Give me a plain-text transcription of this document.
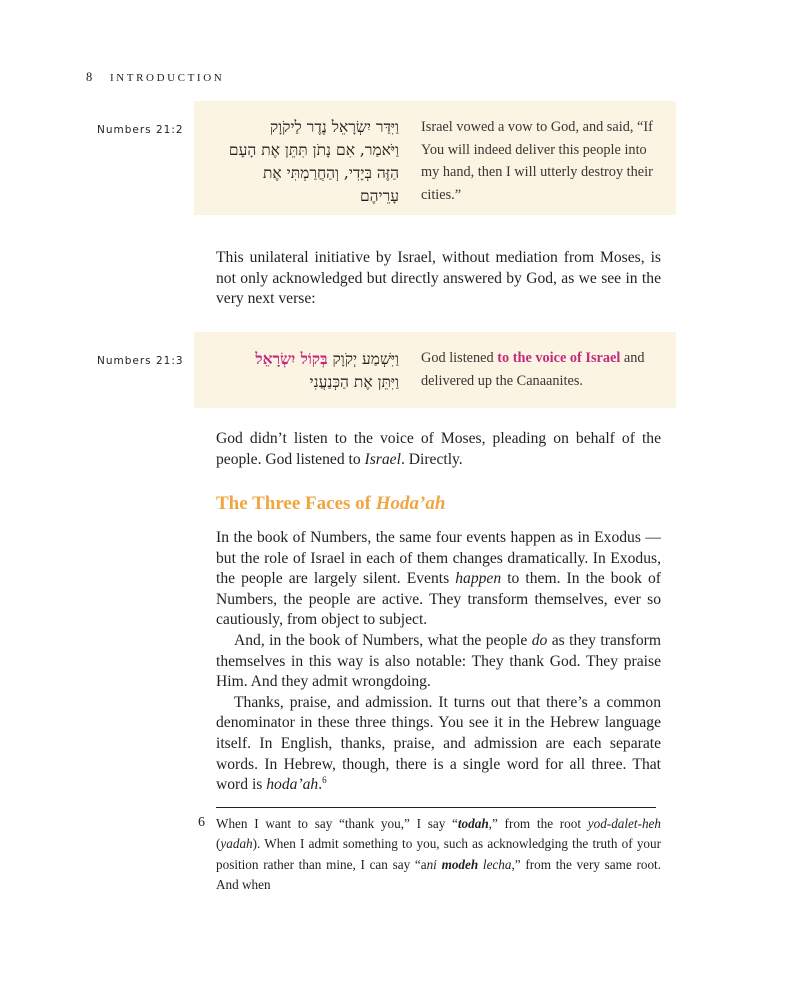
8 INTRODUCTION
Numbers 21:2	וַיִּדַּר יִשְׂרָאֵל נֶדֶר לַיקֹוָק
וַיֹּאמַר, אִם נָתֹן תִּתֵּן אֶת הָעָם
הַזֶּה בְּיָדִי, וְהַחֲרַמְתִּי אֶת
עָרֵיהֶם
Israel vowed a vow to God, and said, “If You will indeed deliver this people into my hand, then I will utterly destroy their cities.”

This unilateral initiative by Israel, without mediation from Moses, is not only acknowledged but directly answered by God, as we see in the very next verse:

Numbers 21:3	וַיִּשְׁמַע יְקֹוָק בְּקוֹל יִשְׂרָאֵל
וַיִּתֵּן אֶת הַכְּנַעֲנִי
God listened to the voice of Israel and delivered up the Canaanites.

God didn’t listen to the voice of Moses, pleading on behalf of the people. God listened to Israel. Directly.

The Three Faces of Hoda’ah

In the book of Numbers, the same four events happen as in Exodus — but the role of Israel in each of them changes dramatically. In Exodus, the people are largely silent. Events happen to them. In the book of Numbers, the people are active. They transform themselves, ever so cautiously, from object to subject.

And, in the book of Numbers, what the people do as they transform themselves in this way is also notable: They thank God. They praise Him. And they admit wrongdoing.

Thanks, praise, and admission. It turns out that there’s a common denominator in these three things. You see it in the Hebrew language itself. In English, thanks, praise, and admission are each separate words. In Hebrew, though, there is a single word for all three. That word is hoda’ah.$^6$

6 When I want to say “thank you,” I say “todah,” from the root yod-dalet-heh (yadah). When I admit something to you, such as acknowledging the truth of your position rather than mine, I can say “ani modeh lecha,” from the very same root. And when
